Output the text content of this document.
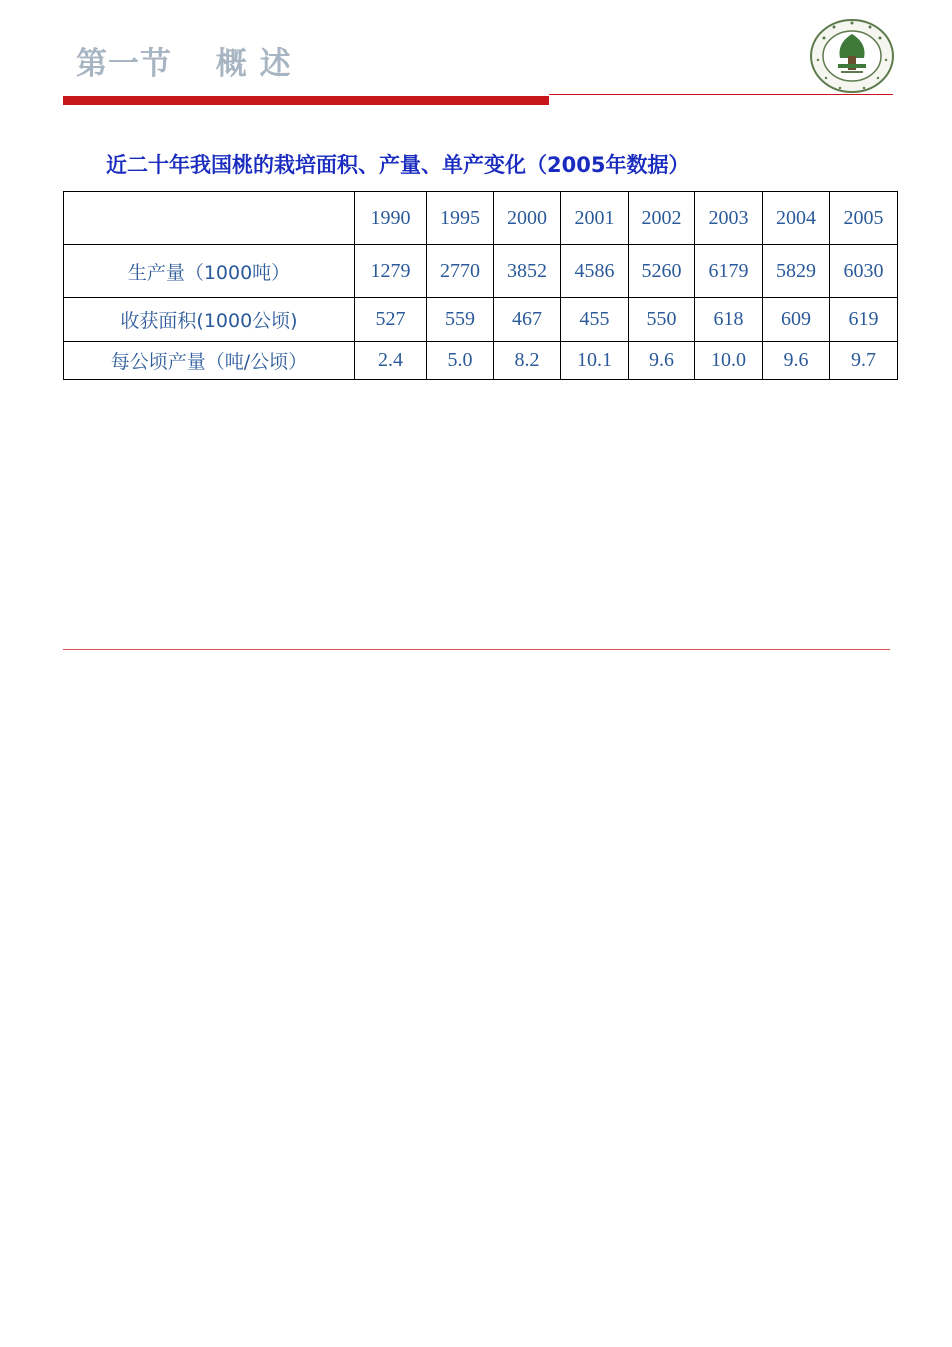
第一节　 概 述
近二十年我国桃的栽培面积、产量、单产变化（2005年数据）
	1990	1995	2000	2001	2002	2003	2004	2005
生产量（1000吨）	1279	2770	3852	4586	5260	6179	5829	6030
收获面积(1000公顷)	527	559	467	455	550	618	609	619
每公顷产量（吨/公顷）	2.4	5.0	8.2	10.1	9.6	10.0	9.6	9.7
